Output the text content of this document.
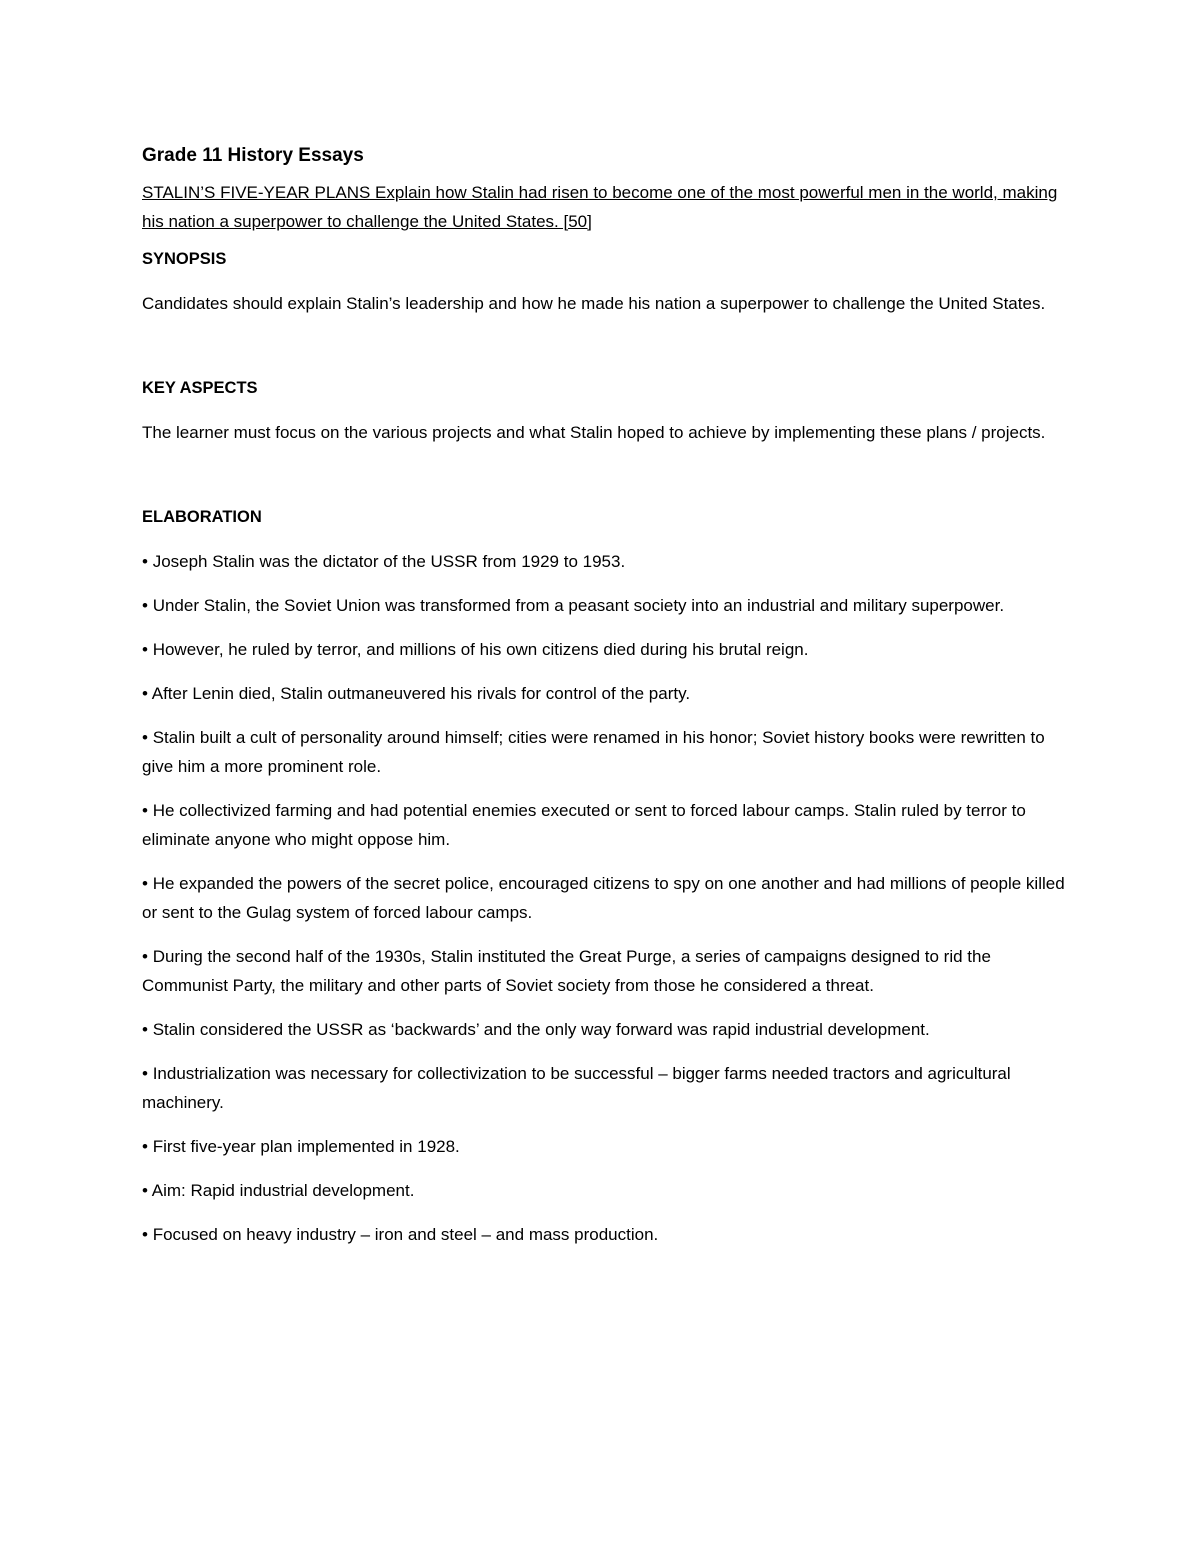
Grade 11 History Essays

STALIN’S FIVE-YEAR PLANS Explain how Stalin had risen to become one of the most powerful men in the world, making his nation a superpower to challenge the United States. [50]

SYNOPSIS

Candidates should explain Stalin’s leadership and how he made his nation a superpower to challenge the United States.

KEY ASPECTS

The learner must focus on the various projects and what Stalin hoped to achieve by implementing these plans / projects.

ELABORATION
• Joseph Stalin was the dictator of the USSR from 1929 to 1953.
• Under Stalin, the Soviet Union was transformed from a peasant society into an industrial and military superpower.
• However, he ruled by terror, and millions of his own citizens died during his brutal reign.
• After Lenin died, Stalin outmaneuvered his rivals for control of the party.
• Stalin built a cult of personality around himself; cities were renamed in his honor; Soviet history books were rewritten to give him a more prominent role.
• He collectivized farming and had potential enemies executed or sent to forced labour camps. Stalin ruled by terror to eliminate anyone who might oppose him.
• He expanded the powers of the secret police, encouraged citizens to spy on one another and had millions of people killed or sent to the Gulag system of forced labour camps.
• During the second half of the 1930s, Stalin instituted the Great Purge, a series of campaigns designed to rid the Communist Party, the military and other parts of Soviet society from those he considered a threat.
• Stalin considered the USSR as ‘backwards’ and the only way forward was rapid industrial development.
• Industrialization was necessary for collectivization to be successful – bigger farms needed tractors and agricultural machinery.
• First five-year plan implemented in 1928.
• Aim: Rapid industrial development.
• Focused on heavy industry – iron and steel – and mass production.
